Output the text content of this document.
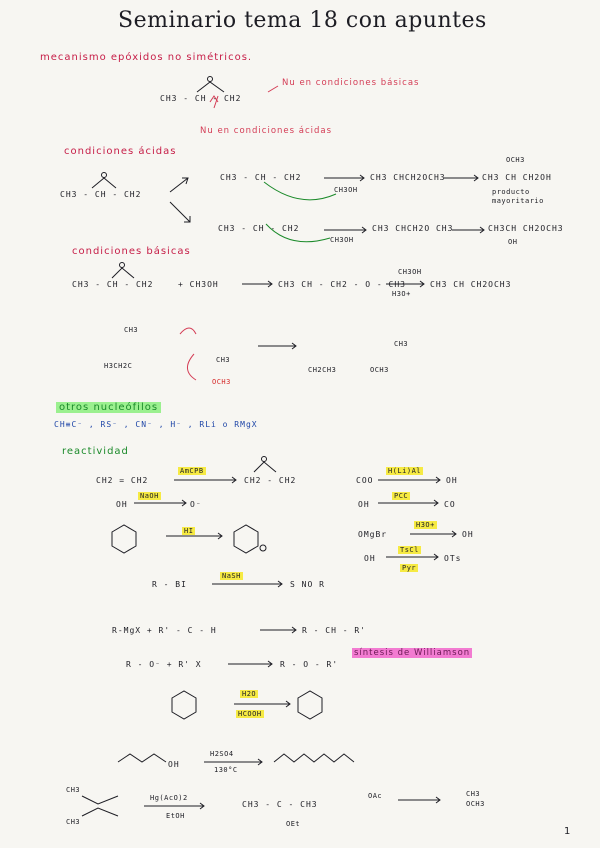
Seminario tema 18 con apuntes
mecanismo epóxidos no simétricos.
CH3 - CH - CH2
Nu en condiciones básicas
Nu en condiciones ácidas
condiciones ácidas
CH3 - CH - CH2
CH3 - CH - CH2
CH3OH
CH3 CHCH2OCH3	CH3 CH CH2OH
OCH3
producto mayoritario
CH3 - CH - CH2
CH3OH
CH3 CHCH2O CH3	CH3CH CH2OCH3
OH
condiciones básicas
CH3 - CH - CH2	+ CH3OH	CH3 CH - CH2 - O - CH3
CH3OH
H3O+
CH3 CH CH2OCH3
CH3
H3CH2C
CH3
OCH3
CH3
CH2CH3	OCH3
otros nucleófilos
CH≡C⁻ , RS⁻ , CN⁻ , H⁻ , RLi o RMgX
reactividad
CH2 = CH2
AmCPB
CH2 - CH2	COO
H(Li)Al
OH
OH
NaOH
O⁻	OH
PCC
CO
HI	OMgBr
H3O+
OH
OH
TsCl
Pyr
OTs
R - BI
NaSH
S NO R
R-MgX + R' - C - H	R - CH - R'
R - O⁻ + R' X	R - O - R'
síntesis de Williamson
H2O
HCOOH
OH
H2SO4
130°C
CH3
CH3
Hg(AcO)2
EtOH
CH3 - C - CH3
OEt
OAc	CH3
OCH3
1
